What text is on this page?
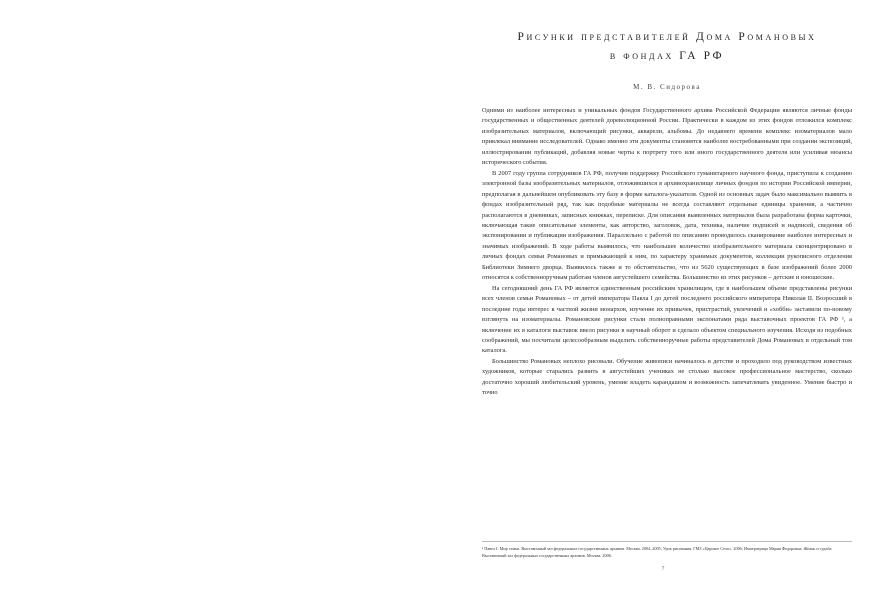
Рисунки представителей Дома Романовых
в фондах ГА РФ
М. В. Сидорова

Одними из наиболее интересных и уникальных фондов Государственного архива Российской Федерации являются личные фонды государственных и общественных деятелей дореволюционной России. Практически в каждом из этих фондов отложился комплекс изобразительных материалов, включающий рисунки, акварели, альбомы. До недавнего времени комплекс изоматериалов мало привлекал внимание исследователей. Однако именно эти документы становятся наиболее востребованными при создании экспозиций, иллюстрировании публикаций, добавляя новые черты к портрету того или иного государственного деятеля или усиливая нюансы исторического события.

В 2007 году группа сотрудников ГА РФ, получив поддержку Российского гуманитарного научного фонда, приступила к созданию электронной базы изобразительных материалов, отложившихся в архивохранилище личных фондов по истории Российской империи, предполагая в дальнейшем опубликовать эту базу в форме каталога-указателя. Одной из основных задач было максимально выявить в фондах изобразительный ряд, так как подобные материалы не всегда составляют отдельные единицы хранения, а частично располагаются в дневниках, записных книжках, переписке. Для описания выявленных материалов была разработана форма карточки, включающая такие описательные элементы, как авторство, заголовок, дата, техника, наличие подписей и надписей, сведения об экспонировании и публикации изображения. Параллельно с работой по описанию проводилось сканирование наиболее интересных и значимых изображений. В ходе работы выявилось, что наибольшее количество изобразительного материала сконцентрировано в личных фондах семьи Романовых и примыкающей к ним, по характеру хранимых документов, коллекции рукописного отделения Библиотеки Зимнего дворца. Выявилось также и то обстоятельство, что из 5620 существующих в базе изображений более 2000 относятся к собственноручным работам членов августейшего семейства. Большинство из этих рисунков – детские и юношеские.

На сегодняшний день ГА РФ является единственным российским хранилищем, где в наибольшем объеме представлены рисунки всех членов семьи Романовых – от детей императора Павла I до детей последнего российского императора Николая II. Возросший в последние годы интерес к частной жизни монархов, изучение их привычек, пристрастий, увлечений и «хобби» заставили по-новому взглянуть на изоматериалы. Романовские рисунки стали полноправными экспонатами ряда выставочных проектов ГА РФ ¹, а включение их в каталоги выставок ввело рисунки в научный оборот и сделало объектом специального изучения. Исходя из подобных соображений, мы посчитали целесообразным выделить собственноручные работы представителей Дома Романовых в отдельный том каталога.

Большинство Романовых неплохо рисовали. Обучение живописи начиналось в детстве и проходило под руководством известных художников, которые старались развить в августейших учениках не столько высокое профессиональное мастерство, сколько достаточно хороший любительский уровень, умение владеть карандашом и возможность запечатлевать увиденное. Умение быстро и точно

¹ Павел I. Мир семьи. Выставочный зал федеральных государственных архивов. Москва. 2004–2005; Урок рисования. ГМЗ «Царское Село». 2006; Императрица Мария Федоровна. Жизнь и судьба. Выставочный зал федеральных государственных архивов. Москва. 2006.

7
